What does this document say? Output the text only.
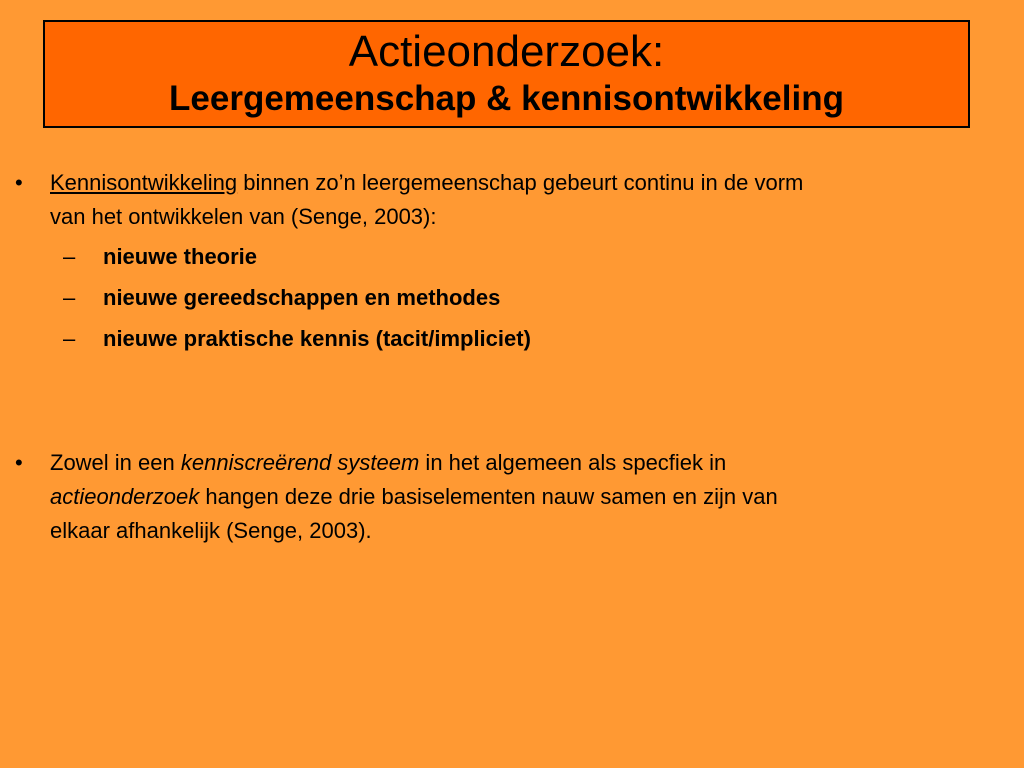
Actieonderzoek:
Leergemeenschap & kennisontwikkeling
• Kennisontwikkeling binnen zo’n leergemeenschap gebeurt continu in de vorm
van het ontwikkelen van (Senge, 2003):
– nieuwe theorie
– nieuwe gereedschappen en methodes
– nieuwe praktische kennis (tacit/impliciet)
• Zowel in een kenniscreërend systeem in het algemeen als specfiek in
actieonderzoek hangen deze drie basiselementen nauw samen en zijn van
elkaar afhankelijk (Senge, 2003).
